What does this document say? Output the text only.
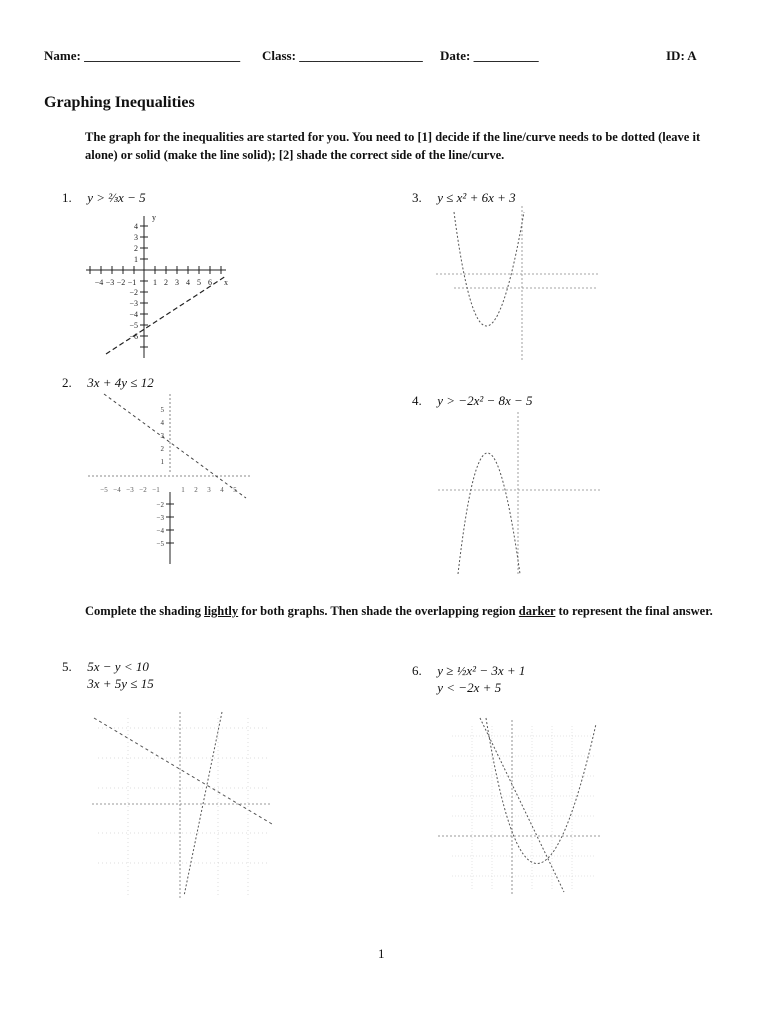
Name: ________________________ Class: ___________________ Date: __________	ID: A
Graphing Inequalities
The graph for the inequalities are started for you. You need to [1] decide if the line/curve needs to be dotted (leave it alone) or solid (make the line solid); [2] shade the correct side of the line/curve.
1. y > ⅔x − 5	3. y ≤ x² + 6x + 3
2. 3x + 4y ≤ 12
4. y > −2x² − 8x − 5
Complete the shading lightly for both graphs. Then shade the overlapping region darker to represent the final answer.
5. 5x − y < 10
3x + 5y ≤ 15
6. y ≥ ½x² − 3x + 1
y < −2x + 5
−4 −3 −2 −1 1 2 3 4 5 6 x
4
3
2
1
−2
−3
−4
−5
−6
y
−5 −4 −3 −2 −1	1 2 3 4 5
5
4
3
2
1
−2
−3
−4
−5
1
